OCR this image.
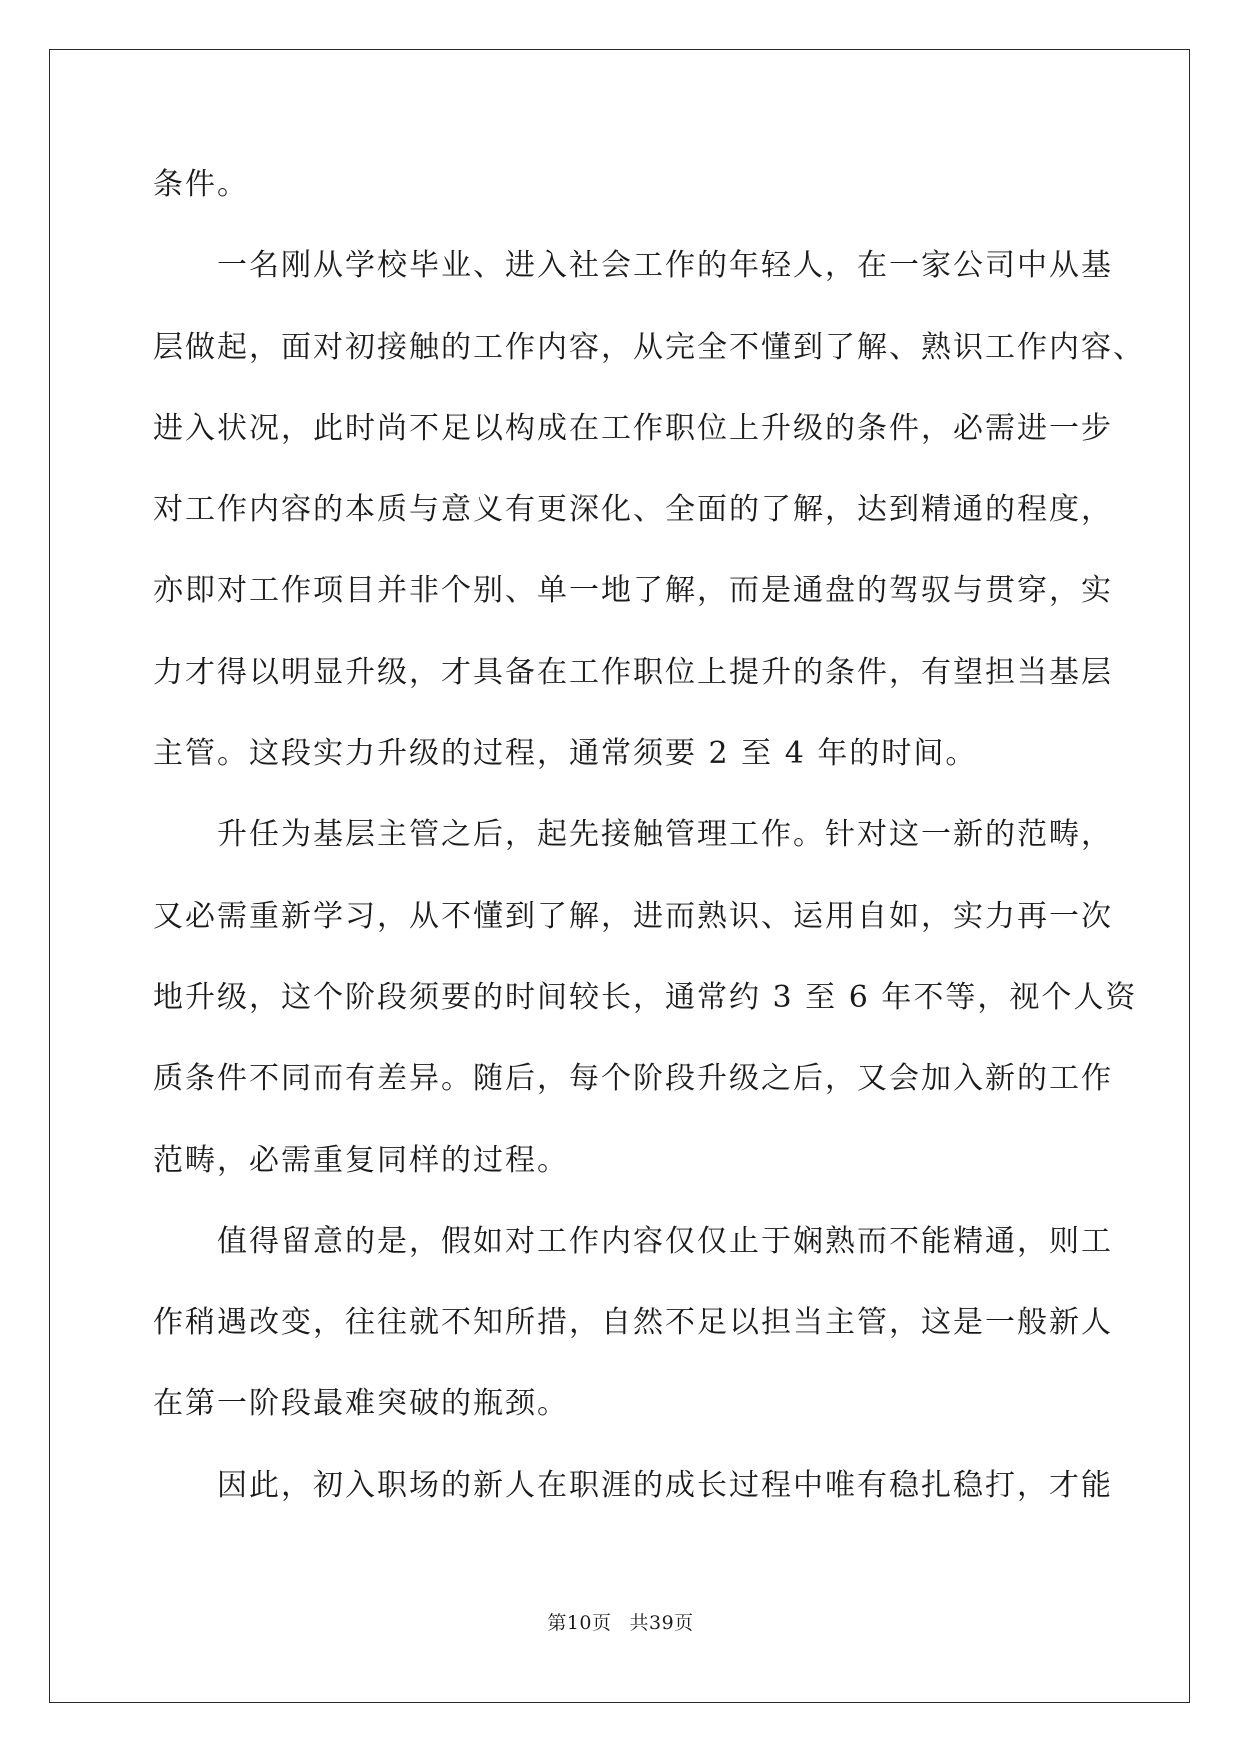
条件。
一名刚从学校毕业、进入社会工作的年轻人，在一家公司中从基
层做起，面对初接触的工作内容，从完全不懂到了解、熟识工作内容、
进入状况，此时尚不足以构成在工作职位上升级的条件，必需进一步
对工作内容的本质与意义有更深化、全面的了解，达到精通的程度，
亦即对工作项目并非个别、单一地了解，而是通盘的驾驭与贯穿，实
力才得以明显升级，才具备在工作职位上提升的条件，有望担当基层
主管。这段实力升级的过程，通常须要 2 至 4 年的时间。
升任为基层主管之后，起先接触管理工作。针对这一新的范畴，
又必需重新学习，从不懂到了解，进而熟识、运用自如，实力再一次
地升级，这个阶段须要的时间较长，通常约 3 至 6 年不等，视个人资
质条件不同而有差异。随后，每个阶段升级之后，又会加入新的工作
范畴，必需重复同样的过程。
值得留意的是，假如对工作内容仅仅止于娴熟而不能精通，则工
作稍遇改变，往往就不知所措，自然不足以担当主管，这是一般新人
在第一阶段最难突破的瓶颈。
因此，初入职场的新人在职涯的成长过程中唯有稳扎稳打，才能
第10页 共39页
